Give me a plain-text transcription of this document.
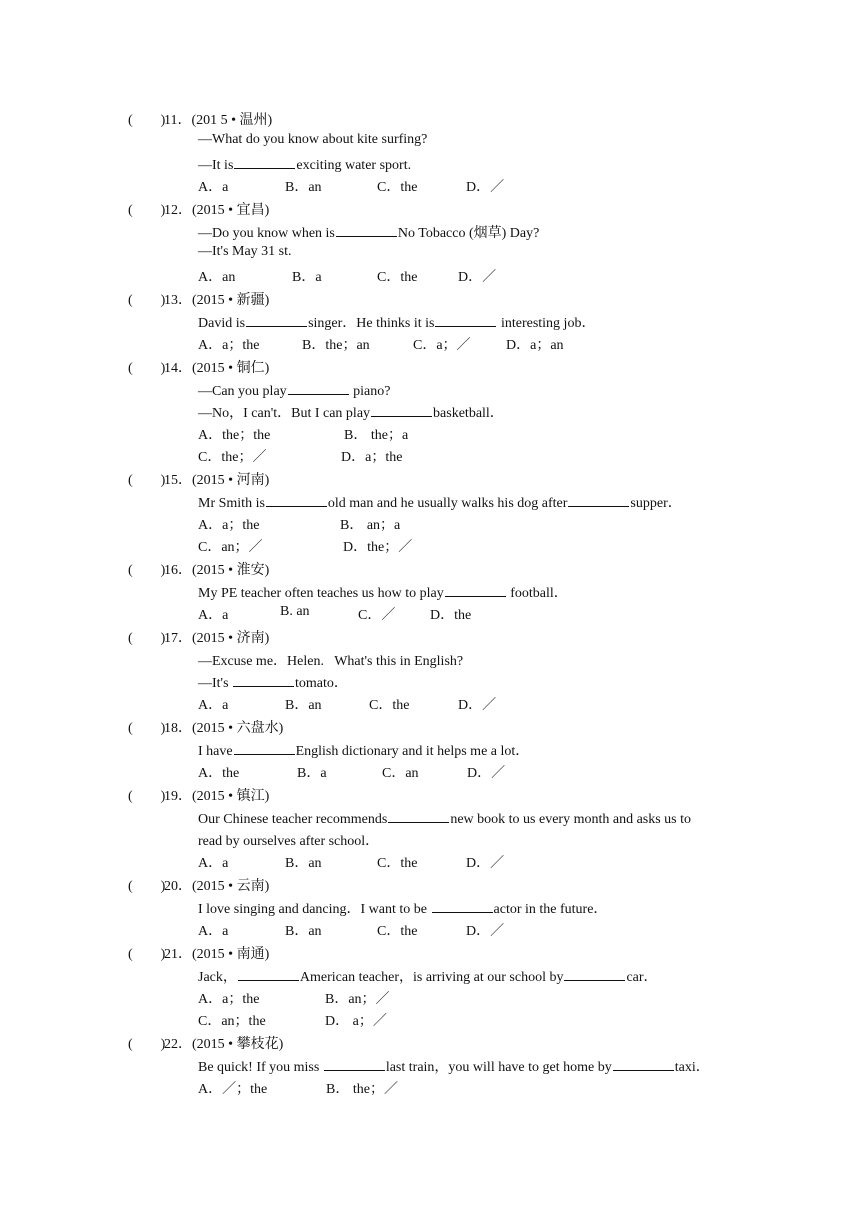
(　　)
11．(201 5 • 温州)
—What do you know about kite surfing?
—It is	exciting water sport.
A．a	B．an	C．the	D．／
(　　)
12．(2015 • 宜昌)
—Do you know when is	No Tobacco (烟草) Day?
—It's May 31 st.
A．an	B．a	C．the	D．／
(　　)
13．(2015 • 新疆)
David is	singer．He thinks it is	interesting job．
A．a；the	B．the；an	C．a；／	D．a；an
(　　)
14．(2015 • 铜仁)
—Can you play	piano?
—No，I can't．But I can play	basketball．
A．the；the	B． the；a
C．the；／	D．a；the
(　　)
15．(2015 • 河南)
Mr Smith is	old man and he usually walks his dog after	supper．
A．a；the	B． an；a
C．an；／	D．the；／
(　　)
16．(2015 • 淮安)
My PE teacher often teaches us how to play	football．
A．a	B. an	C．／ D．the
(　　)
17．(2015 • 济南)
—Excuse me．Helen.   What's this in English?
—It's	tomato．
A．a	B．an	C．the	D．／
(　　)
18．(2015 • 六盘水)
I have	English dictionary and it helps me a lot．
A．the	B．a	C．an	D．／
(　　)
19．(2015 • 镇江)
Our Chinese teacher recommends	new book to us every month and asks us to
read by ourselves after school．
A．a	B．an	C．the	D．／
(　　)
20．(2015 • 云南)
I love singing and dancing．I want to be	actor in the future．
A．a	B．an	C．the	D．／
(　　)
21．(2015 • 南通)
Jack，	American teacher，is arriving at our school by	car．
A．a；the	B．an；／
C．an；the	D． a；／
(　　)
22．(2015 • 攀枝花)
Be quick! If you miss	last train，you will have to get home by	taxi．
A．／；the	B． the；／
